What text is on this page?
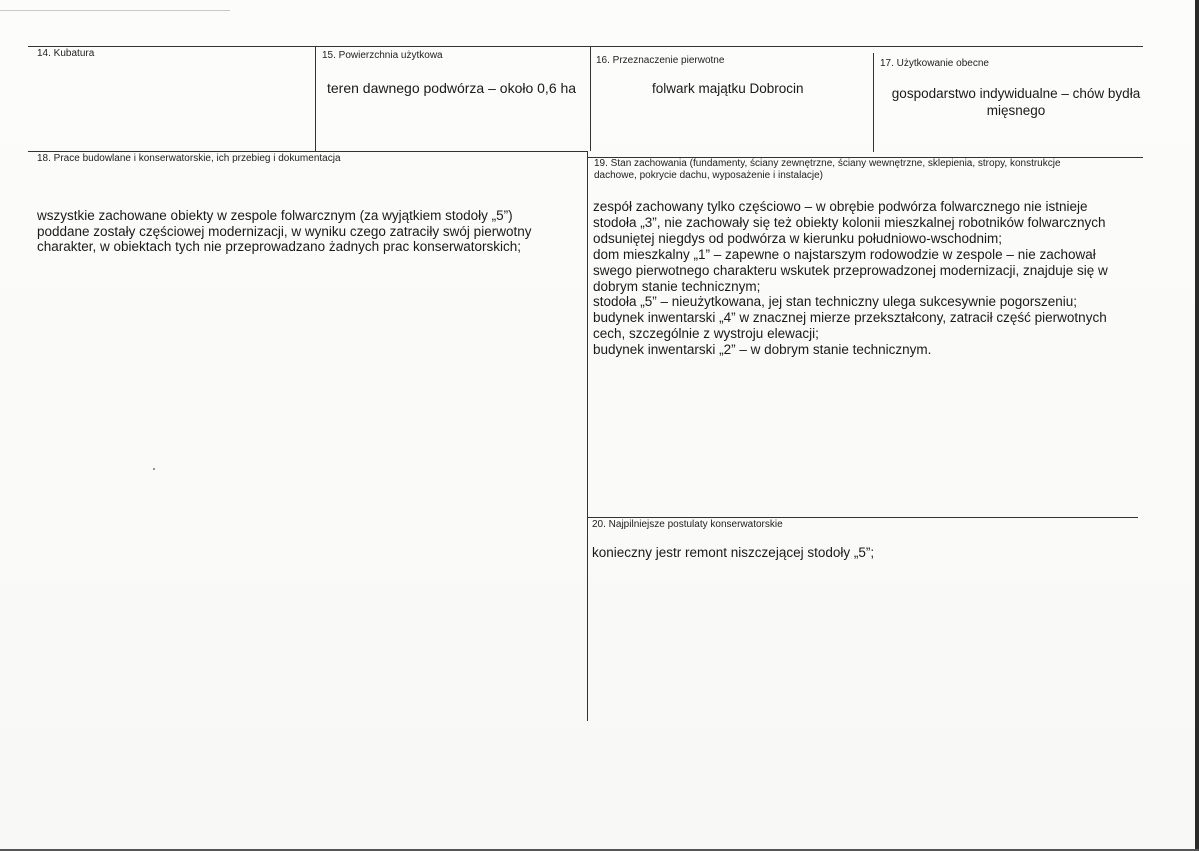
14. Kubatura	15. Powierzchnia użytkowa
teren dawnego podwórza – około 0,6 ha
16. Przeznaczenie pierwotne
folwark majątku Dobrocin
17. Użytkowanie obecne
gospodarstwo indywidualne – chów bydła
mięsnego
18. Prace budowlane i konserwatorskie, ich przebieg i dokumentacja
wszystkie zachowane obiekty w zespole folwarcznym (za wyjątkiem stodoły „5”)
poddane zostały częściowej modernizacji, w wyniku czego zatraciły swój pierwotny
charakter, w obiektach tych nie przeprowadzano żadnych prac konserwatorskich;
19. Stan zachowania (fundamenty, ściany zewnętrzne, ściany wewnętrzne, sklepienia, stropy, konstrukcje
dachowe, pokrycie dachu, wyposażenie i instalacje)
zespół zachowany tylko częściowo – w obrębie podwórza folwarcznego nie istnieje
stodoła „3”, nie zachowały się też obiekty kolonii mieszkalnej robotników folwarcznych
odsuniętej niegdys od podwórza w kierunku południowo-wschodnim;
dom mieszkalny „1” – zapewne o najstarszym rodowodzie w zespole – nie zachował
swego pierwotnego charakteru wskutek przeprowadzonej modernizacji, znajduje się w
dobrym stanie technicznym;
stodoła „5” – nieużytkowana, jej stan techniczny ulega sukcesywnie pogorszeniu;
budynek inwentarski „4” w znacznej mierze przekształcony, zatracił część pierwotnych
cech, szczególnie z wystroju elewacji;
budynek inwentarski „2” – w dobrym stanie technicznym.
20. Najpilniejsze postulaty konserwatorskie
konieczny jestr remont niszczejącej stodoły „5”;
